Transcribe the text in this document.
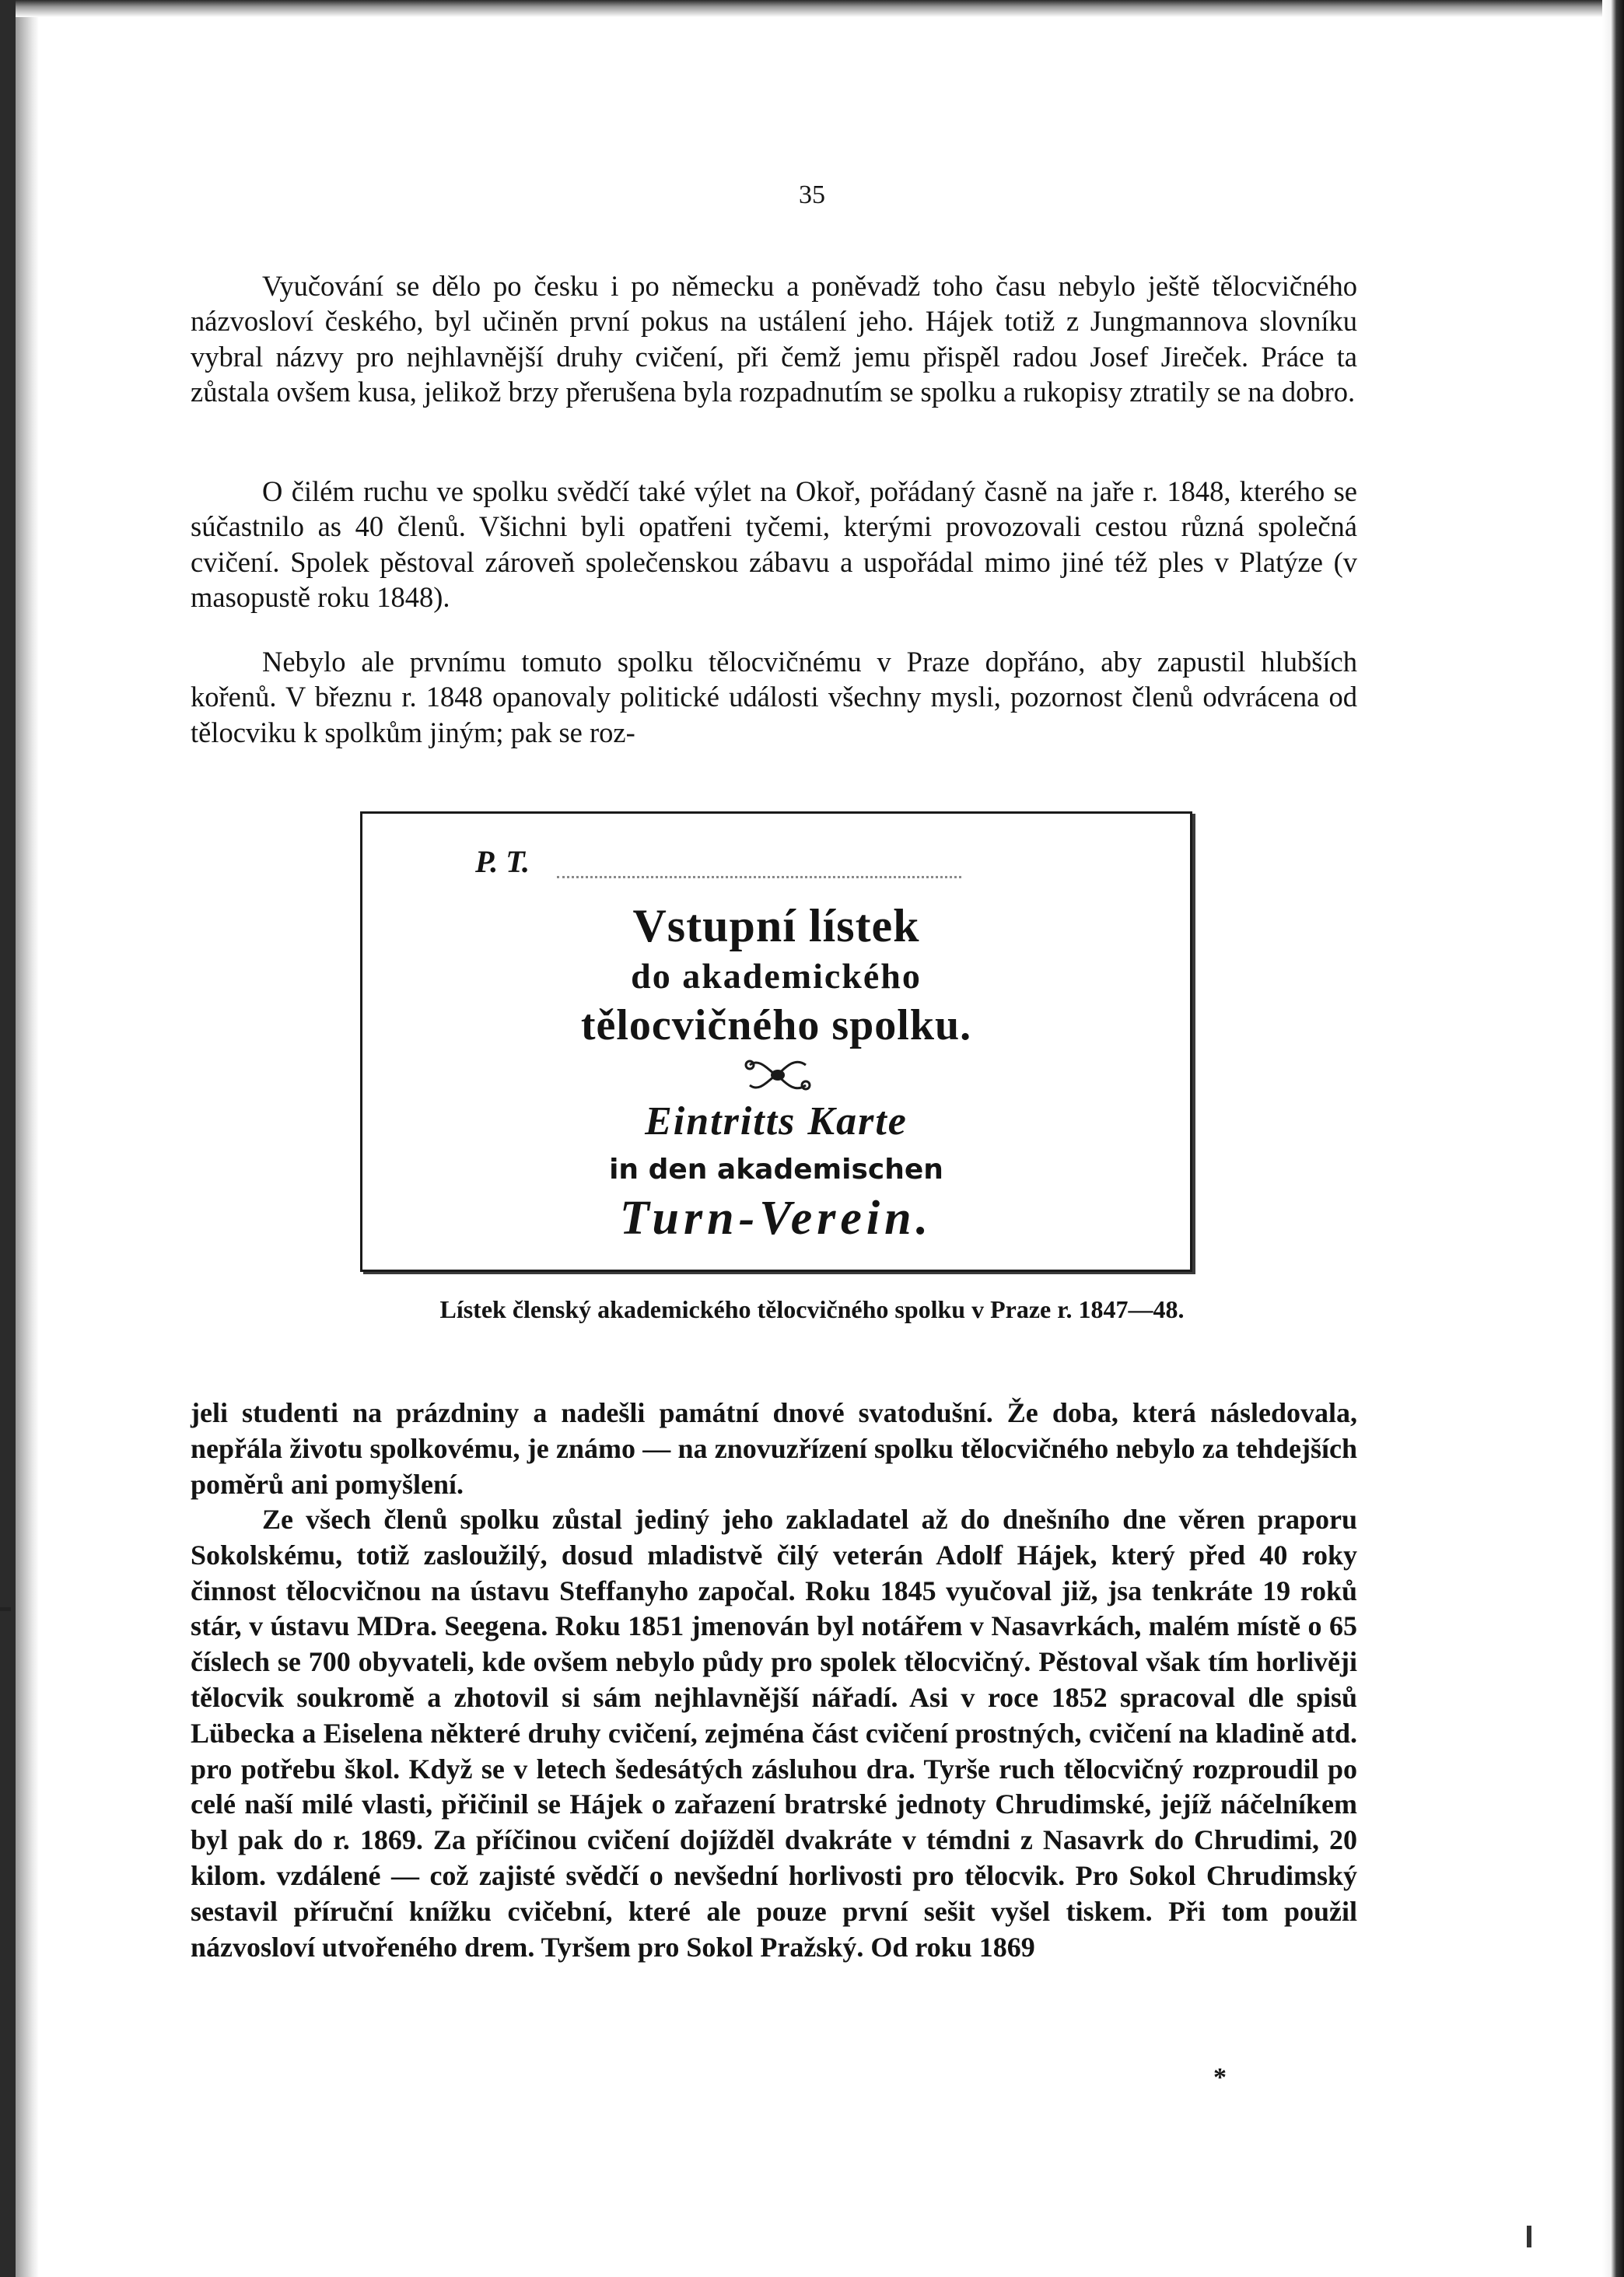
35

Vyučování se dělo po česku i po německu a poněvadž toho času nebylo ještě tělocvičného názvosloví českého, byl učiněn první pokus na ustálení jeho. Hájek totiž z Jungmannova slovníku vybral názvy pro nejhlavnější druhy cvičení, při čemž jemu přispěl radou Josef Jireček. Práce ta zůstala ovšem kusa, jelikož brzy přerušena byla rozpadnutím se spolku a rukopisy ztratily se na dobro.

O čilém ruchu ve spolku svědčí také výlet na Okoř, pořádaný časně na jaře r. 1848, kterého se súčastnilo as 40 členů. Všichni byli opatřeni tyčemi, kterými provozovali cestou různá společná cvičení. Spolek pěstoval zároveň společenskou zábavu a uspořádal mimo jiné též ples v Platýze (v masopustě roku 1848).

Nebylo ale prvnímu tomuto spolku tělocvičnému v Praze dopřáno, aby zapustil hlubších kořenů. V březnu r. 1848 opanovaly politické události všechny mysli, pozornost členů odvrácena od tělocviku k spolkům jiným; pak se roz-

P. T.
Vstupní lístek
do akademického
tělocvičného spolku.
Eintritts Karte
in den akademischen
Turn-Verein.
Lístek členský akademického tělocvičného spolku v Praze r. 1847—48.

jeli studenti na prázdniny a nadešli památní dnové svatodušní. Že doba, která následovala, nepřála životu spolkovému, je známo — na znovuzřízení spolku tělocvičného nebylo za tehdejších poměrů ani pomyšlení.

Ze všech členů spolku zůstal jediný jeho zakladatel až do dnešního dne věren praporu Sokolskému, totiž zasloužilý, dosud mladistvě čilý veterán Adolf Hájek, který před 40 roky činnost tělocvičnou na ústavu Steffanyho započal. Roku 1845 vyučoval již, jsa tenkráte 19 roků stár, v ústavu MDra. Seegena. Roku 1851 jmenován byl notářem v Nasavrkách, malém místě o 65 číslech se 700 obyvateli, kde ovšem nebylo půdy pro spolek tělocvičný. Pěstoval však tím horlivěji tělocvik soukromě a zhotovil si sám nejhlavnější nářadí. Asi v roce 1852 spracoval dle spisů Lübecka a Eiselena některé druhy cvičení, zejména část cvičení prostných, cvičení na kladině atd. pro potřebu škol. Když se v letech šedesátých zásluhou dra. Tyrše ruch tělocvičný rozproudil po celé naší milé vlasti, přičinil se Hájek o zařazení bratrské jednoty Chrudimské, jejíž náčelníkem byl pak do r. 1869. Za příčinou cvičení dojížděl dvakráte v témdni z Nasavrk do Chrudimi, 20 kilom. vzdálené — což zajisté svědčí o nevšední horlivosti pro tělocvik. Pro Sokol Chrudimský sestavil příruční knížku cvičební, které ale pouze první sešit vyšel tiskem. Při tom použil názvosloví utvořeného drem. Tyršem pro Sokol Pražský. Od roku 1869

*
